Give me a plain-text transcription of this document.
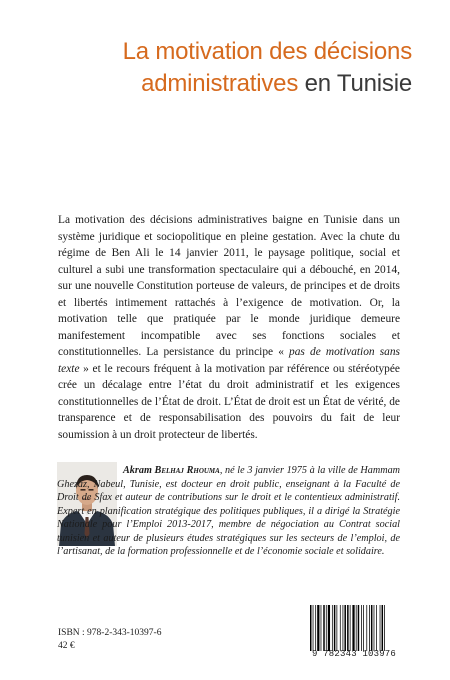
La motivation des décisions
administratives en Tunisie

La motivation des décisions administratives baigne en Tunisie dans un système juridique et sociopolitique en pleine gestation. Avec la chute du régime de Ben Ali le 14 janvier 2011, le paysage politique, social et culturel a subi une transformation spectaculaire qui a débouché, en 2014, sur une nouvelle Constitution porteuse de valeurs, de principes et de droits et libertés intimement rattachés à l’exigence de motivation. Or, la motivation telle que pratiquée par le monde juridique demeure manifestement incompatible avec ses fonctions sociales et constitutionnelles. La persistance du principe « pas de motivation sans texte » et le recours fréquent à la motivation par référence ou stéréotypée crée un décalage entre l’état du droit administratif et les exigences constitutionnelles de l’État de droit. L’État de droit est un État de vérité, de transparence et de responsabilisation des pouvoirs du fait de leur soumission à un droit protecteur de libertés.

Akram Belhaj Rhouma, né le 3 janvier 1975 à la ville de Hammam Ghezaz, Nabeul, Tunisie, est docteur en droit public, enseignant à la Faculté de Droit de Sfax et auteur de contributions sur le droit et le contentieux administratif. Expert en planification stratégique des politiques publiques, il a dirigé la Stratégie Nationale pour l’Emploi 2013-2017, membre de négociation au Contrat social tunisien et auteur de plusieurs études stratégiques sur les secteurs de l’emploi, de l’artisanat, de la formation professionnelle et de l’économie sociale et solidaire.

ISBN : 978-2-343-10397-6
42 €
9 782343 103976
